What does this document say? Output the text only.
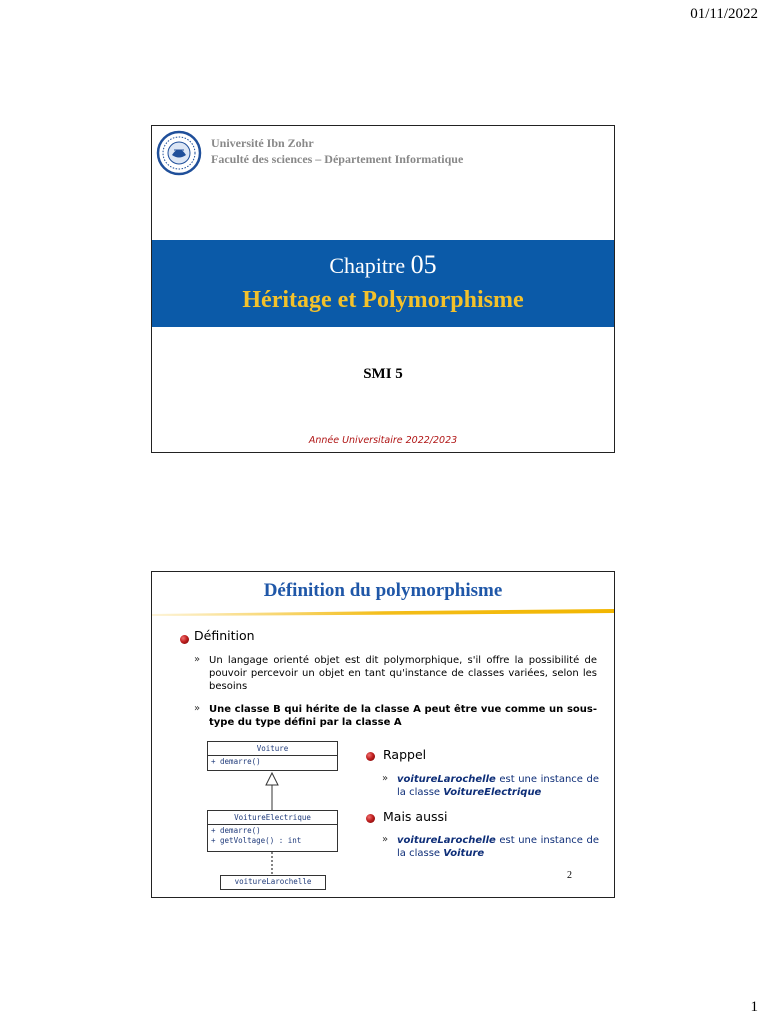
01/11/2022
Université Ibn Zohr
Faculté des sciences – Département Informatique
Chapitre 05
Héritage et Polymorphisme
SMI 5
Année Universitaire 2022/2023
Définition du polymorphisme
Définition
» Un langage orienté objet est dit polymorphique, s'il offre la possibilité de pouvoir percevoir un objet en tant qu'instance de classes variées, selon les besoins
» Une classe B qui hérite de la classe A peut être vue comme un sous-type du type défini par la classe A
Voiture
+ demarre()
VoitureElectrique
+ demarre()
+ getVoltage() : int
voitureLarochelle
Rappel
» voitureLarochelle est une instance de la classe VoitureElectrique
Mais aussi
» voitureLarochelle est une instance de la classe Voiture
2
1
